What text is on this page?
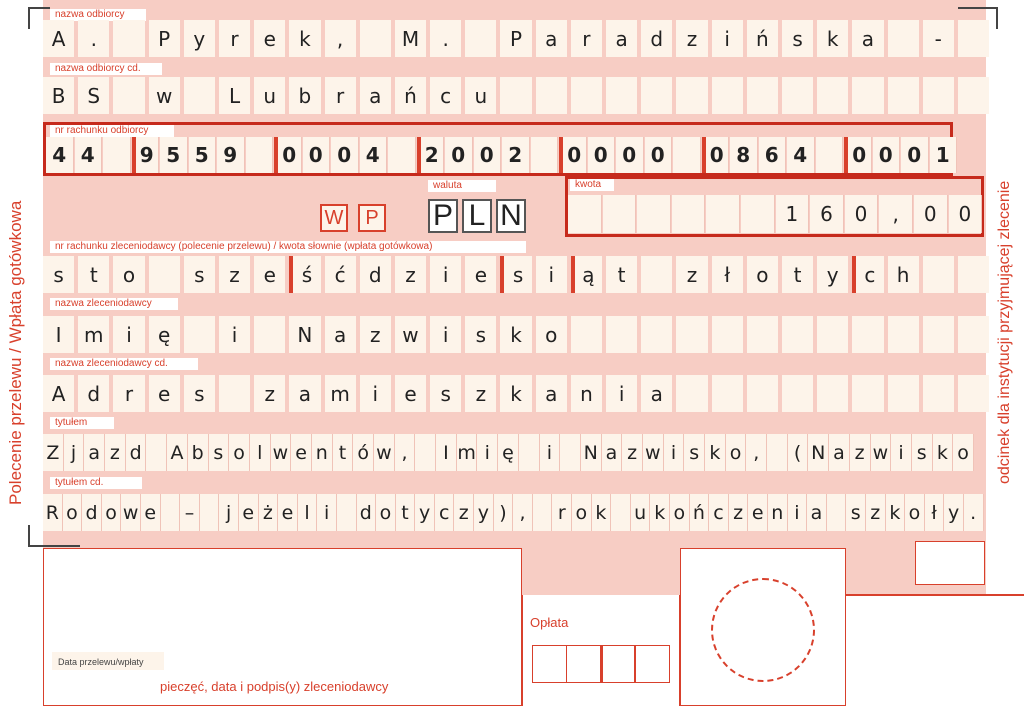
Polecenie przelewu / Wpłata gotówkowa	odcinek dla instytucji przyjmującej zlecenie
nazwa odbiorcy
A	.	P	y	r	e	k	,	M	.	P	a	r	a	d	z	i	ń	s	k	a	-
nazwa odbiorcy cd.
B	S	w	L	u	b	r	a	ń	c	u
nr rachunku odbiorcy
4 4	9 5 5 9	0 0 0 4	2 0 0 2	0 0 0 0	0 8 6 4	0 0 0 1
waluta
W	P P L N
kwota
1	6	0	,	0	0
nr rachunku zleceniodawcy (polecenie przelewu) / kwota słownie (wpłata gotówkowa)
s	t	o	s	z	e	ś	ć	d	z	i	e	s	i	ą	t	z	ł	o	t	y	c	h
nazwa zleceniodawcy
I	m	i	ę	i	N	a	z	w	i	s	k	o
nazwa zleceniodawcy cd.
A	d	r	e	s	z	a m	i	e	s	z	k	a	n	i	a
tytułem
Z j a z d A b s o l w e n t ó w ,	I m i ę	i	N a z w i s k o ,	( N a z w i s k o
tytułem cd.
R o d o w e –	j e ż e l i	d o t y c z y ) ,	r o k u k o ń c z e n i a s z k o ł y .
Data przelewu/wpłaty
pieczęć, data i podpis(y) zleceniodawcy
Opłata
